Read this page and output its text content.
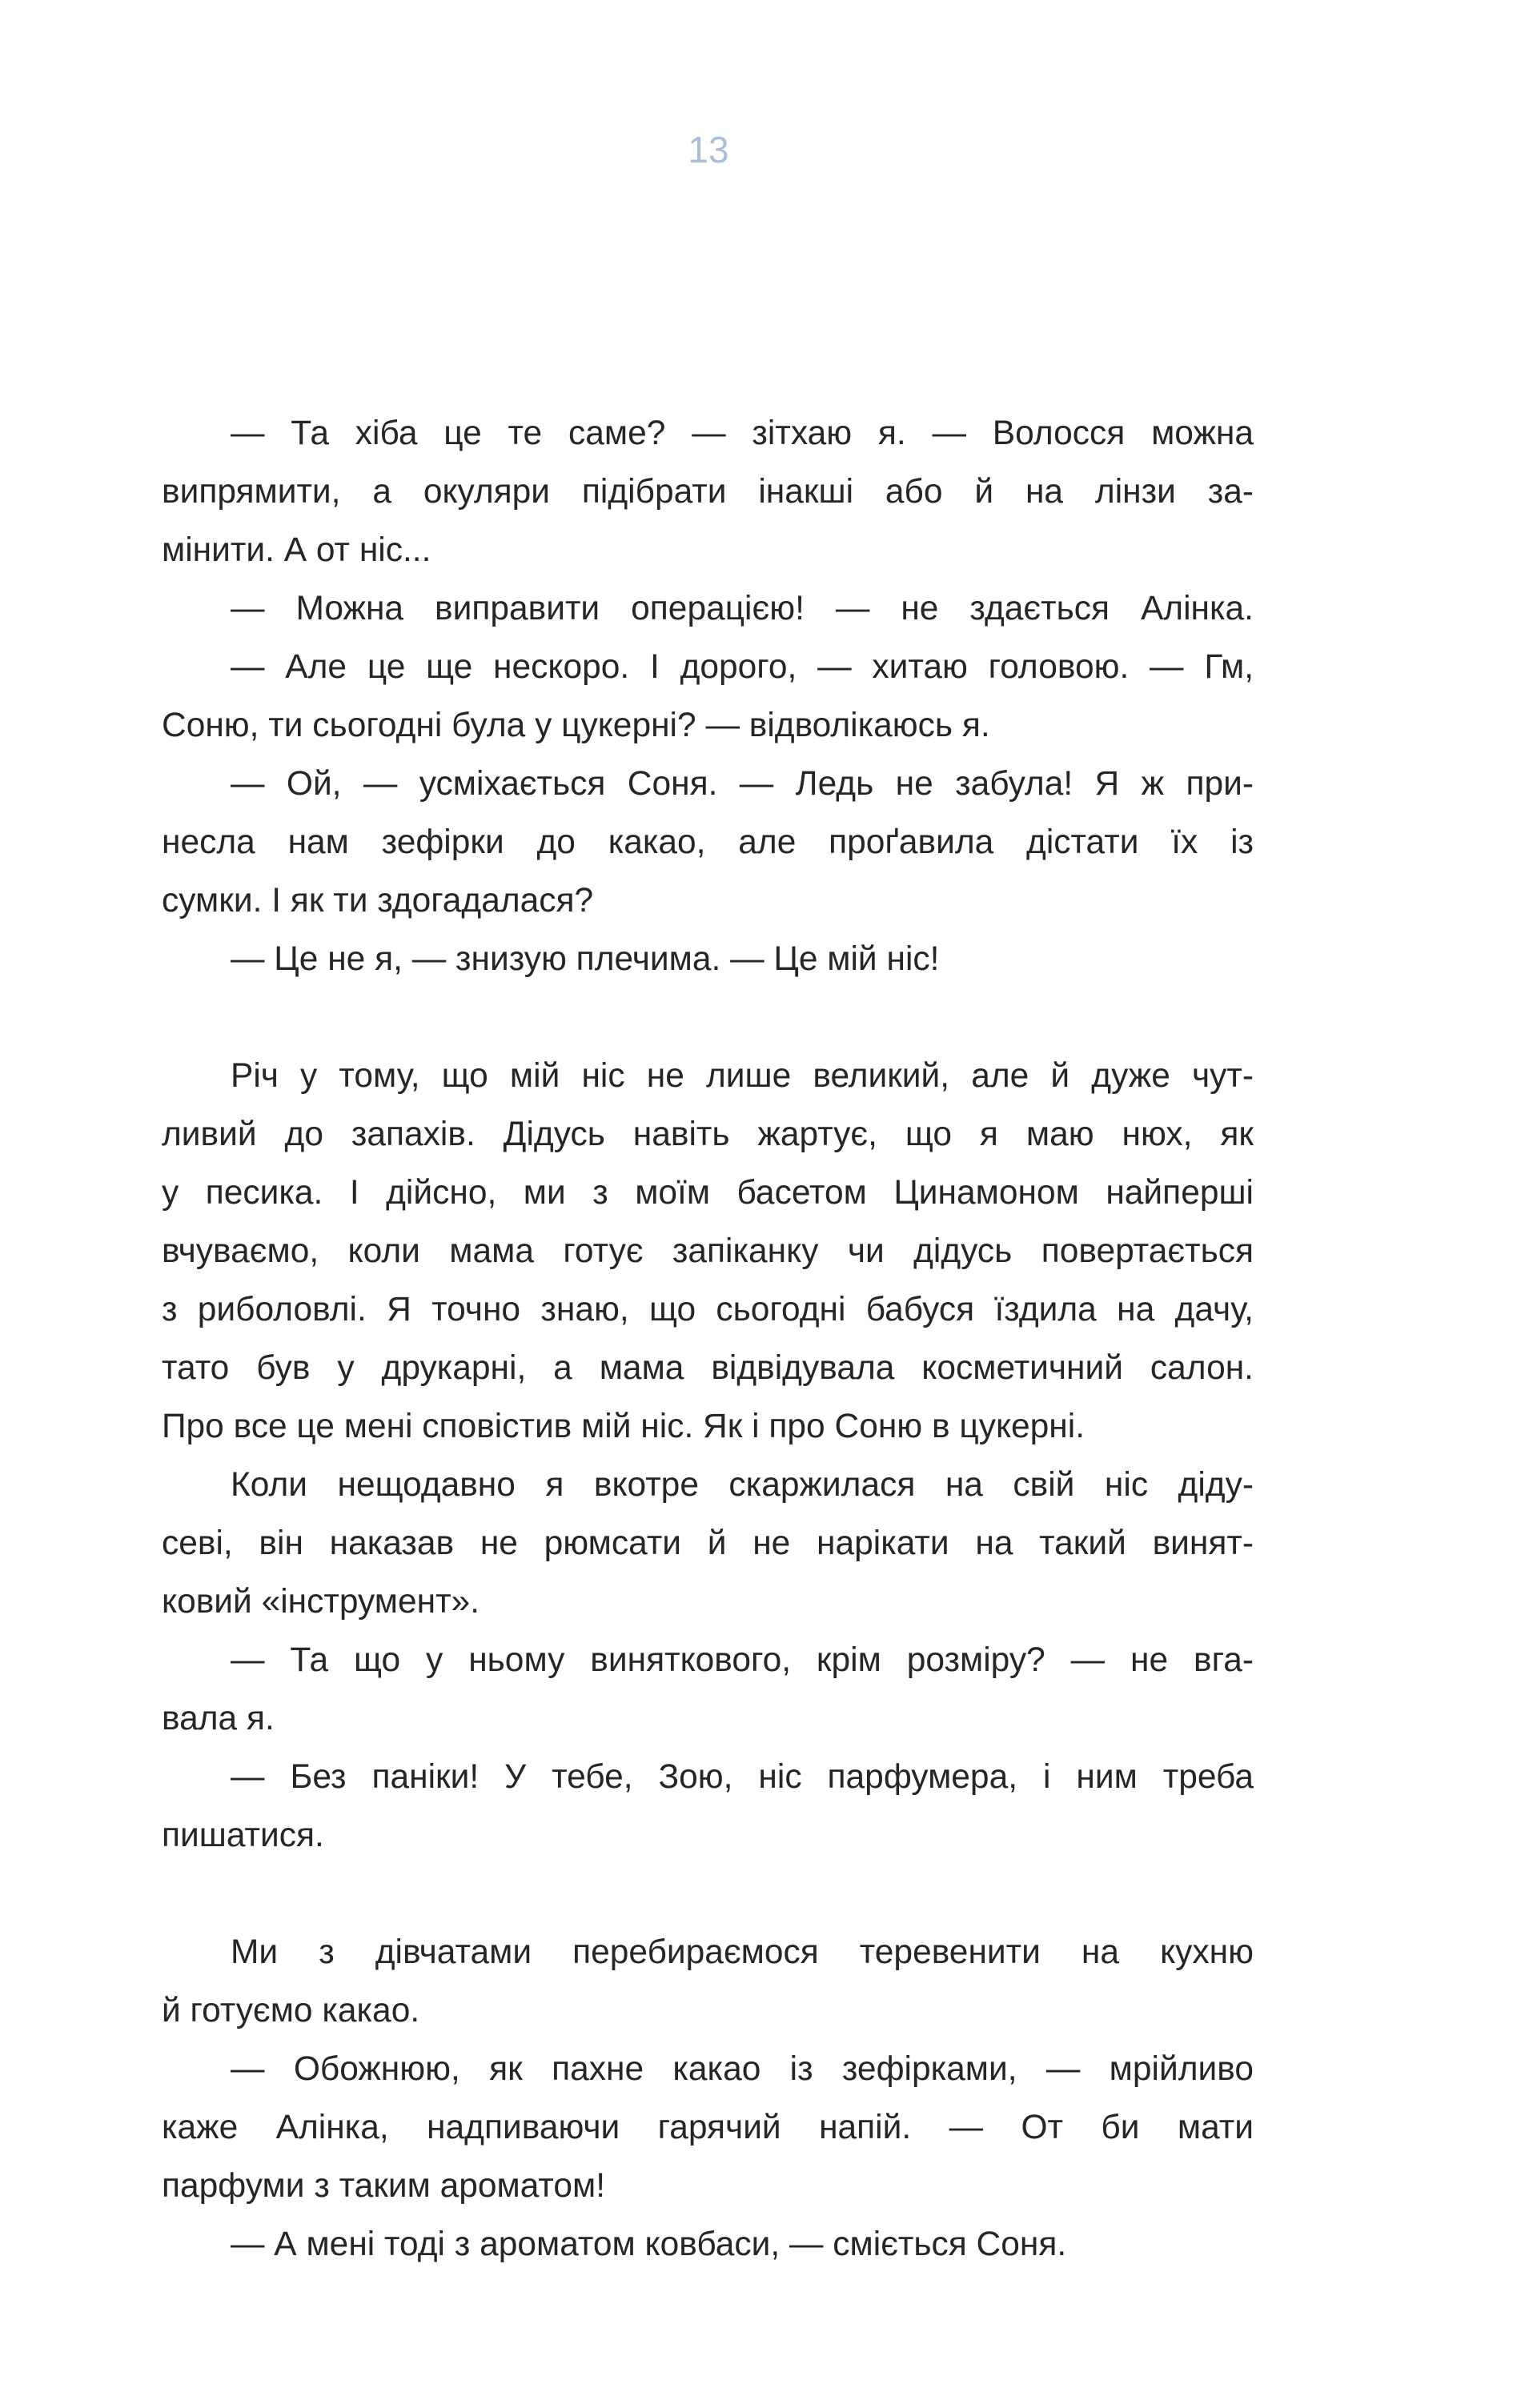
13
— Та хіба це те саме? — зітхаю я. — Волосся можна
випрямити, а окуляри підібрати інакші або й на лінзи за-
мінити. А от ніс...
— Можна виправити операцією! — не здається Алінка.
— Але це ще нескоро. І дорого, — хитаю головою. — Гм,
Соню, ти сьогодні була у цукерні? — відволікаюсь я.
— Ой, — усміхається Соня. — Ледь не забула! Я ж при-
несла нам зефірки до какао, але проґавила дістати їх із
сумки. І як ти здогадалася?
— Це не я, — знизую плечима. — Це мій ніс!
Річ у тому, що мій ніс не лише великий, але й дуже чут-
ливий до запахів. Дідусь навіть жартує, що я маю нюх, як
у песика. І дійсно, ми з моїм басетом Цинамоном найперші
вчуваємо, коли мама готує запіканку чи дідусь повертається
з риболовлі. Я точно знаю, що сьогодні бабуся їздила на дачу,
тато був у друкарні, а мама відвідувала косметичний салон.
Про все це мені сповістив мій ніс. Як і про Соню в цукерні.
Коли нещодавно я вкотре скаржилася на свій ніс діду-
севі, він наказав не рюмсати й не нарікати на такий винят-
ковий «інструмент».
— Та що у ньому виняткового, крім розміру? — не вга-
вала я.
— Без паніки! У тебе, Зою, ніс парфумера, і ним треба
пишатися.
Ми з дівчатами перебираємося теревенити на кухню
й готуємо какао.
— Обожнюю, як пахне какао із зефірками, — мрійливо
каже Алінка, надпиваючи гарячий напій. — От би мати
парфуми з таким ароматом!
— А мені тоді з ароматом ковбаси, — сміється Соня.
